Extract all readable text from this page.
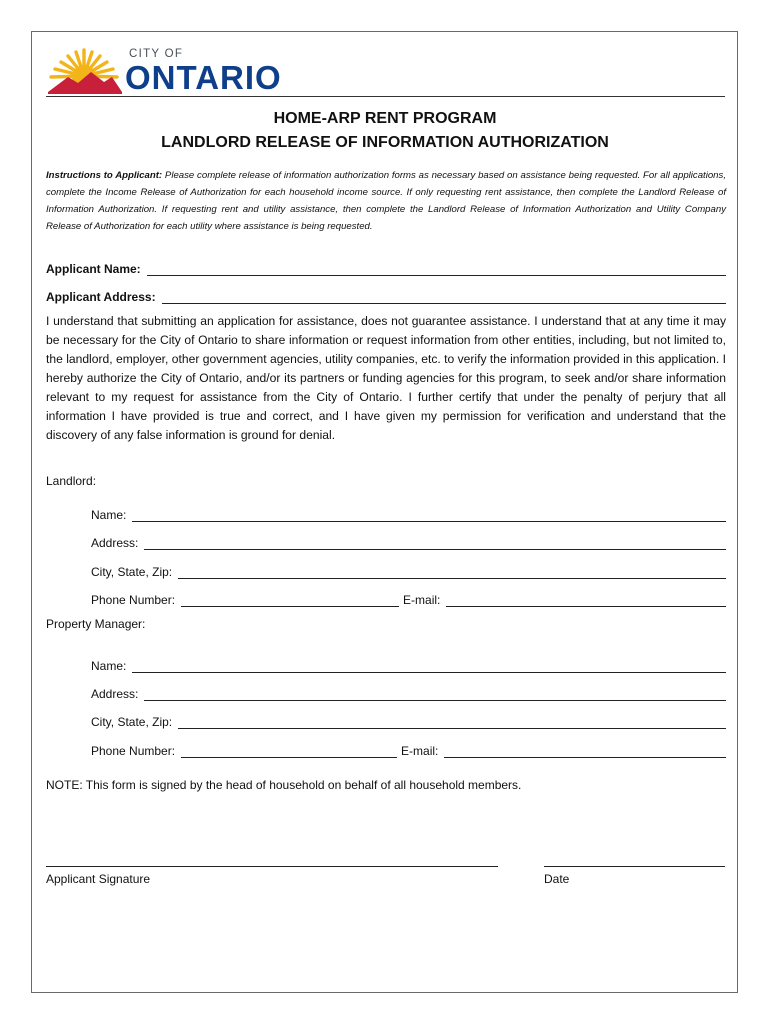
CITY OF
ONTARIO
HOME-ARP RENT PROGRAM
LANDLORD RELEASE OF INFORMATION AUTHORIZATION
Instructions to Applicant: Please complete release of information authorization forms as necessary based on assistance being requested. For all applications, complete the Income Release of Authorization for each household income source. If only requesting rent assistance, then complete the Landlord Release of Information Authorization. If requesting rent and utility assistance, then complete the Landlord Release of Information Authorization and Utility Company Release of Authorization for each utility where assistance is being requested.
Applicant Name:
Applicant Address:
I understand that submitting an application for assistance, does not guarantee assistance. I understand that at any time it may be necessary for the City of Ontario to share information or request information from other entities, including, but not limited to, the landlord, employer, other government agencies, utility companies, etc. to verify the information provided in this application. I hereby authorize the City of Ontario, and/or its partners or funding agencies for this program, to seek and/or share information relevant to my request for assistance from the City of Ontario. I further certify that under the penalty of perjury that all information I have provided is true and correct, and I have given my permission for verification and understand that the discovery of any false information is ground for denial.
Landlord:
Name:
Address:
City, State, Zip:
Phone Number:	E-mail:
Property Manager:
Name:
Address:
City, State, Zip:
Phone Number:	E-mail:
NOTE: This form is signed by the head of household on behalf of all household members.
Applicant Signature	Date
